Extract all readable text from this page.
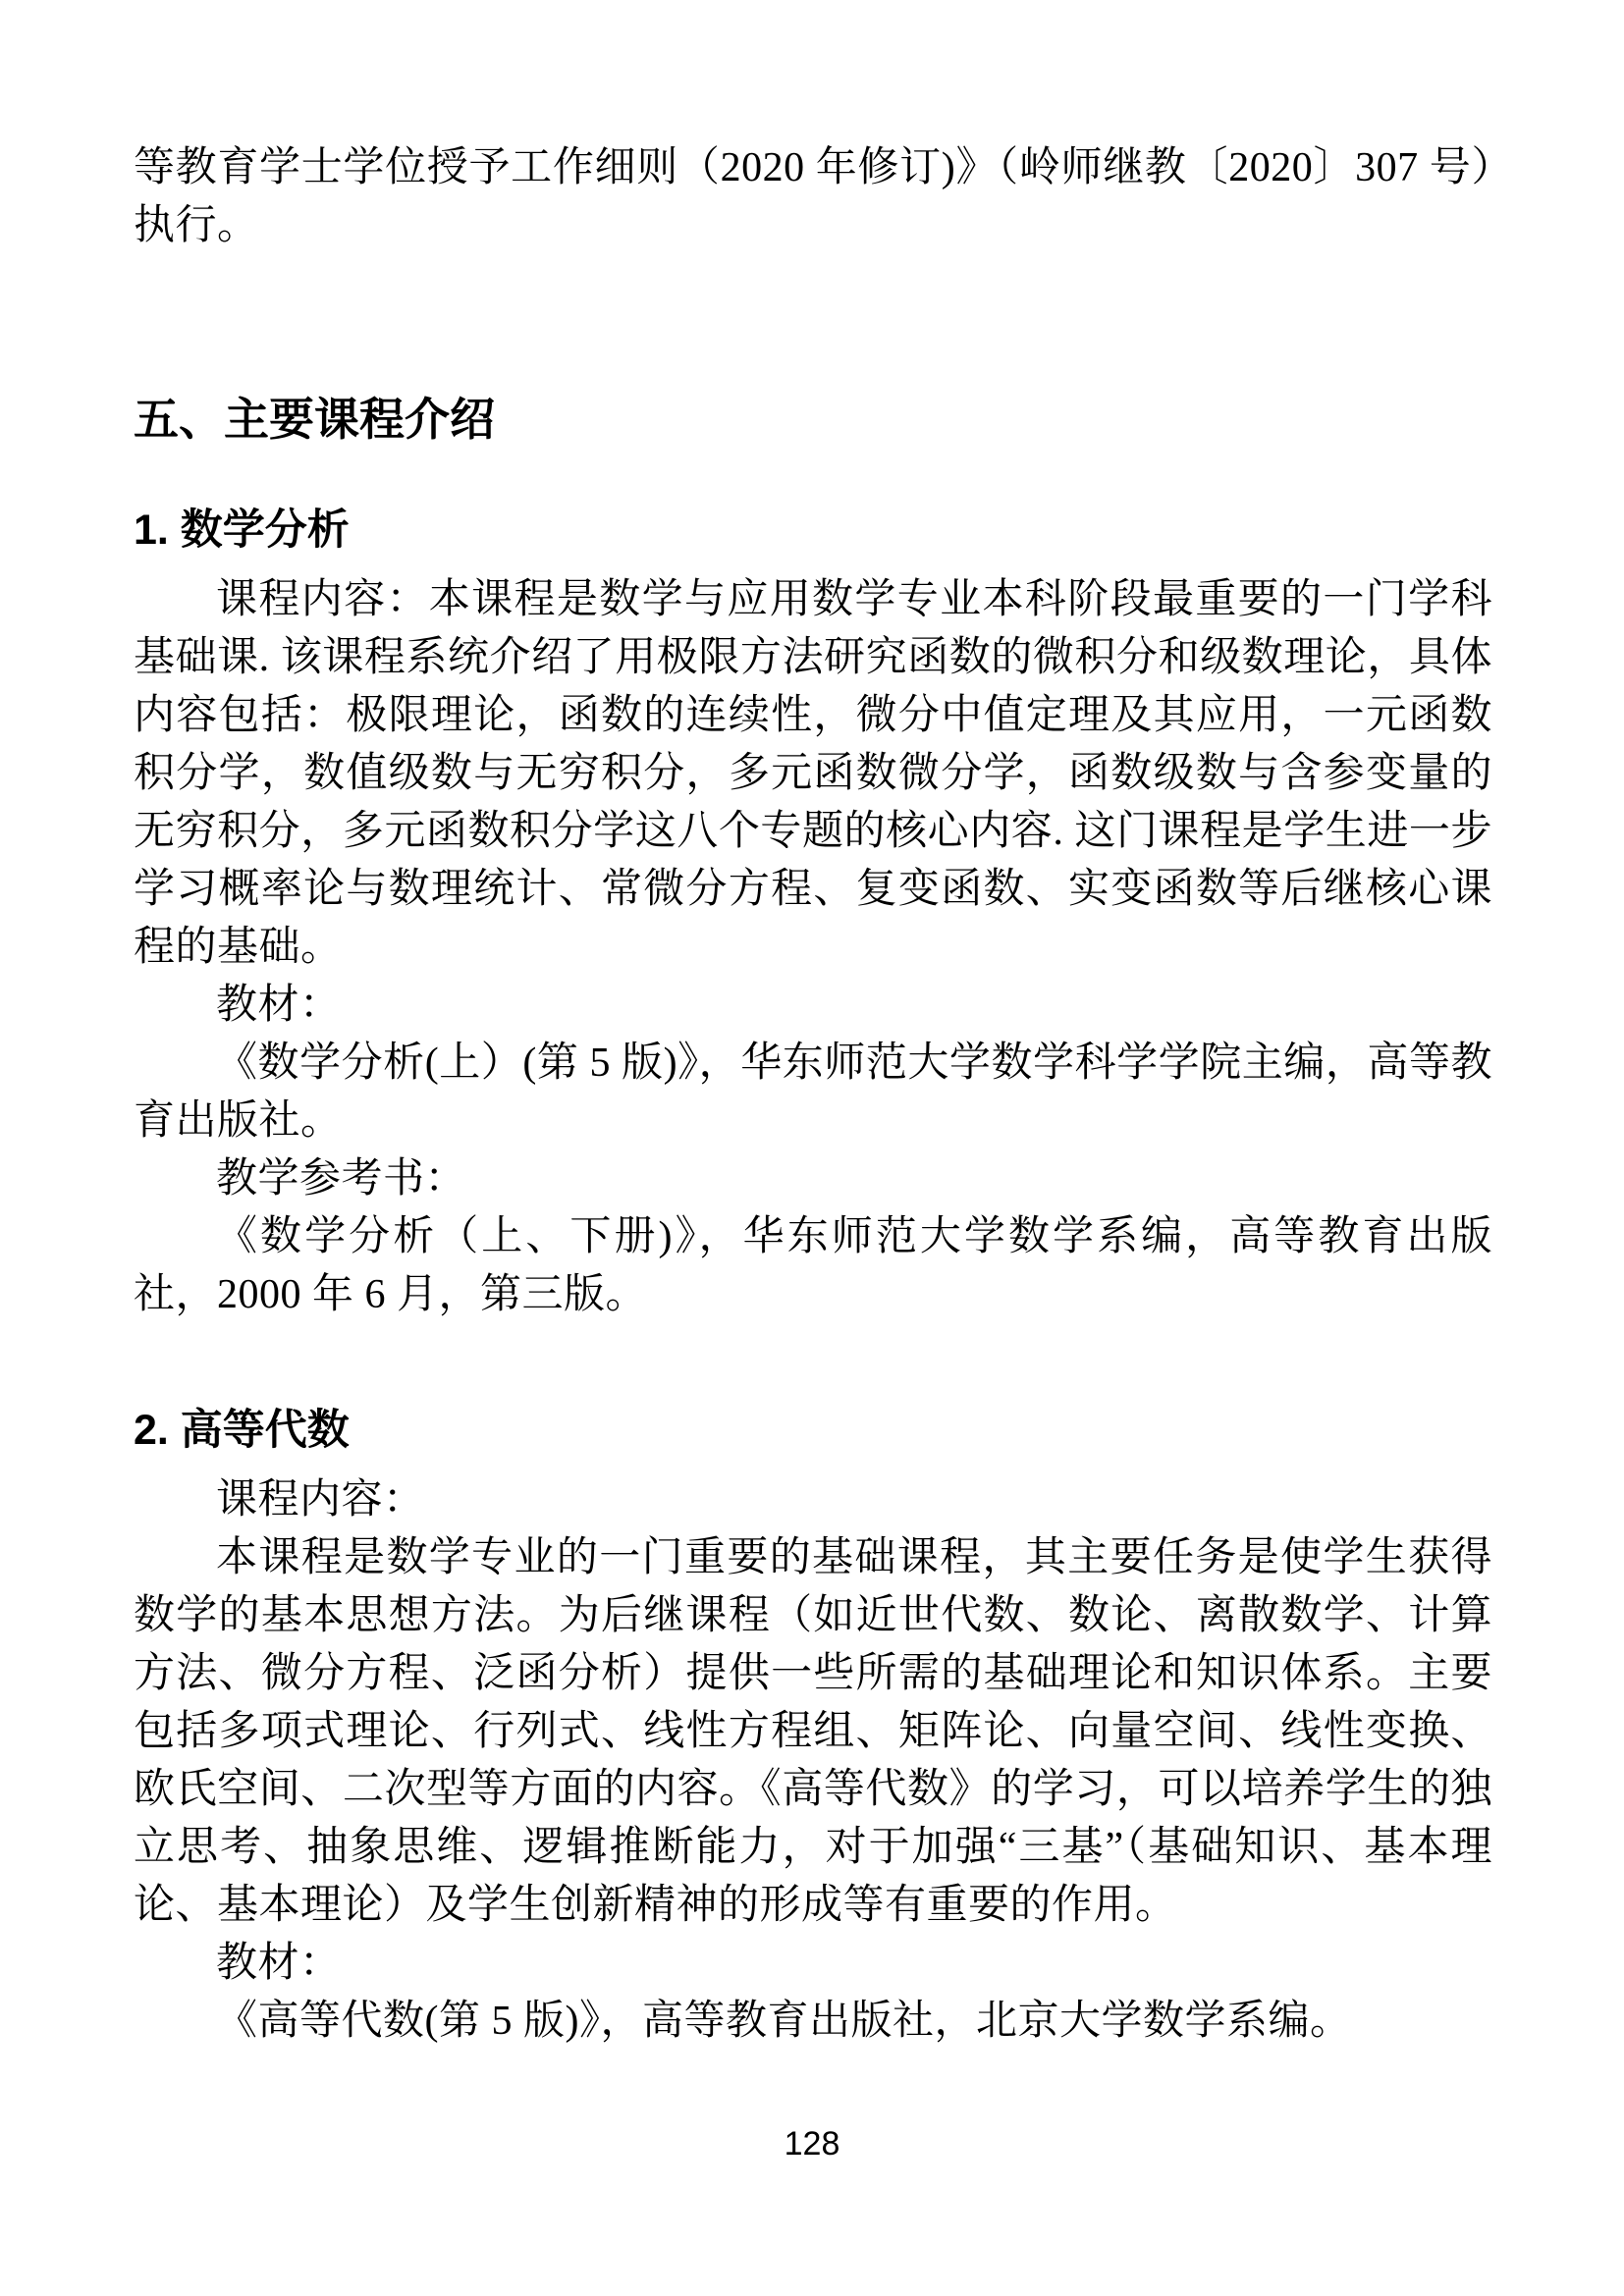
等教育学士学位授予工作细则（2020 年修订)》（岭师继教〔2020〕307 号）执行。

五、主要课程介绍
1. 数学分析

课程内容：本课程是数学与应用数学专业本科阶段最重要的一门学科基础课. 该课程系统介绍了用极限方法研究函数的微积分和级数理论，具体内容包括：极限理论，函数的连续性，微分中值定理及其应用，一元函数积分学，数值级数与无穷积分，多元函数微分学，函数级数与含参变量的无穷积分，多元函数积分学这八个专题的核心内容. 这门课程是学生进一步学习概率论与数理统计、常微分方程、复变函数、实变函数等后继核心课程的基础。

教材：

《数学分析(上）(第 5 版)》，华东师范大学数学科学学院主编，高等教育出版社。

教学参考书：

《数学分析（上、下册)》，华东师范大学数学系编，高等教育出版社，2000 年 6 月，第三版。

2. 高等代数

课程内容：

本课程是数学专业的一门重要的基础课程，其主要任务是使学生获得数学的基本思想方法。为后继课程（如近世代数、数论、离散数学、计算方法、微分方程、泛函分析）提供一些所需的基础理论和知识体系。主要包括多项式理论、行列式、线性方程组、矩阵论、向量空间、线性变换、欧氏空间、二次型等方面的内容。《高等代数》的学习，可以培养学生的独立思考、抽象思维、逻辑推断能力，对于加强“三基”（基础知识、基本理论、基本理论）及学生创新精神的形成等有重要的作用。

教材：

《高等代数(第 5 版)》，高等教育出版社，北京大学数学系编。

128
